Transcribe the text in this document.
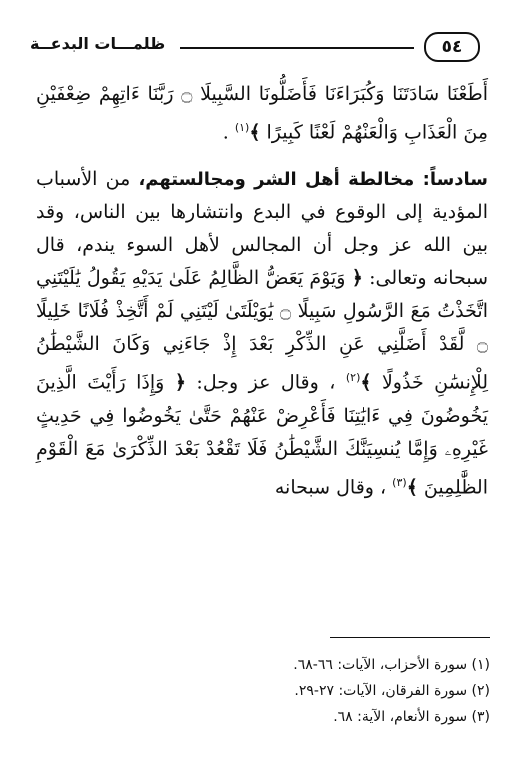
٥٤
ظلمـــات البدعــة

أَطَعْنَا سَادَتَنَا وَكُبَرَاءَنَا فَأَضَلُّونَا السَّبِيلَا ۝ رَبَّنَا ءَاتِهِمْ ضِعْفَيْنِ مِنَ الْعَذَابِ وَالْعَنْهُمْ لَعْنًا كَبِيرًا ﴾$^{(١)}$ .

سادساً: مخالطة أهل الشر ومجالستهم، من الأسباب المؤدية إلى الوقوع في البدع وانتشارها بين الناس، وقد بين الله عز وجل أن المجالس لأهل السوء يندم، قال سبحانه وتعالى: ﴿ وَيَوْمَ يَعَضُّ الظَّالِمُ عَلَىٰ يَدَيْهِ يَقُولُ يَٰلَيْتَنِي اتَّخَذْتُ مَعَ الرَّسُولِ سَبِيلًا ۝ يَٰوَيْلَتَىٰ لَيْتَنِي لَمْ أَتَّخِذْ فُلَانًا خَلِيلًا ۝ لَّقَدْ أَضَلَّنِي عَنِ الذِّكْرِ بَعْدَ إِذْ جَاءَنِي وَكَانَ الشَّيْطَٰنُ لِلْإِنسَٰنِ خَذُولًا ﴾$^{(٢)}$ ، وقال عز وجل: ﴿ وَإِذَا رَأَيْتَ الَّذِينَ يَخُوضُونَ فِي ءَايَٰتِنَا فَأَعْرِضْ عَنْهُمْ حَتَّىٰ يَخُوضُوا فِي حَدِيثٍ غَيْرِهِۦ وَإِمَّا يُنسِيَنَّكَ الشَّيْطَٰنُ فَلَا تَقْعُدْ بَعْدَ الذِّكْرَىٰ مَعَ الْقَوْمِ الظَّٰلِمِينَ ﴾$^{(٣)}$ ، وقال سبحانه

(١) سورة الأحزاب، الآيات: ٦٦-٦٨.
(٢) سورة الفرقان، الآيات: ٢٧-٢٩.
(٣) سورة الأنعام، الآية: ٦٨.
